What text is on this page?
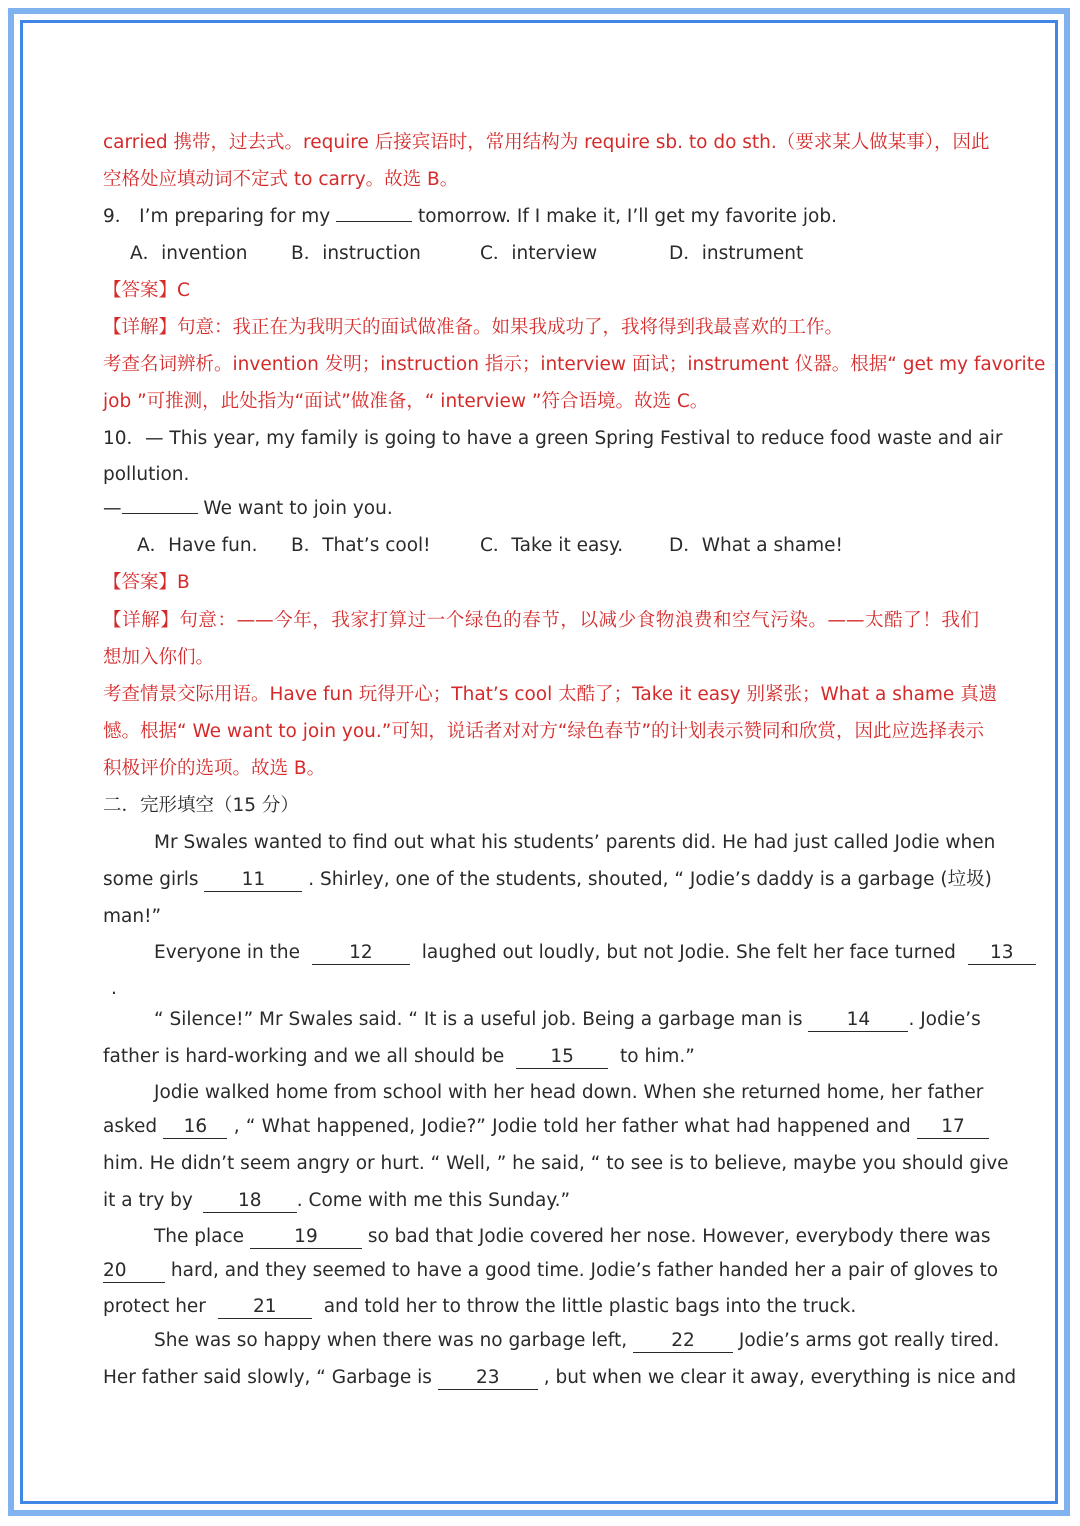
carried 携带，过去式。require 后接宾语时，常用结构为 require sb. to do sth.（要求某人做某事），因此
空格处应填动词不定式 to carry。故选 B。
9． I’m preparing for my	tomorrow. If I make it, I’ll get my favorite job.
A．invention B．instruction	C．interview	D．instrument
【答案】C
【详解】句意：我正在为我明天的面试做准备。如果我成功了，我将得到我最喜欢的工作。
考查名词辨析。invention 发明；instruction 指示；interview 面试；instrument 仪器。根据“ get my favorite
job ”可推测，此处指为“面试”做准备，“ interview ”符合语境。故选 C。
10．— This year, my family is going to have a green Spring Festival to reduce food waste and air
pollution.
—	We want to join you.
A．Have fun. B．That’s cool!	C．Take it easy. D．What a shame!
【答案】B
【详解】句意：——今年，我家打算过一个绿色的春节，以减少食物浪费和空气污染。——太酷了！我们
想加入你们。
考查情景交际用语。Have fun 玩得开心；That’s cool 太酷了；Take it easy 别紧张；What a shame 真遗
憾。根据“ We want to join you.”可知，说话者对对方“绿色春节”的计划表示赞同和欣赏，因此应选择表示
积极评价的选项。故选 B。
二．完形填空（15 分）
Mr Swales wanted to find out what his students’ parents did. He had just called Jodie when
some girls 11 . Shirley, one of the students, shouted, “ Jodie’s daddy is a garbage (垃圾)
man!”
Everyone in the	12	laughed out loudly, but not Jodie. She felt her face turned 13
.
“ Silence!” Mr Swales said. “ It is a useful job. Being a garbage man is 14 . Jodie’s
father is hard-working and we all should be 15 to him.”
Jodie walked home from school with her head down. When she returned home, her father
asked 16 , “ What happened, Jodie?” Jodie told her father what had happened and 17
him. He didn’t seem angry or hurt. “ Well, ” he said, “ to see is to believe, maybe you should give
it a try by 18 . Come with me this Sunday.”
The place	19	so bad that Jodie covered her nose. However, everybody there was
20 hard, and they seemed to have a good time. Jodie’s father handed her a pair of gloves to
protect her	21	and told her to throw the little plastic bags into the truck.
She was so happy when there was no garbage left, 22 Jodie’s arms got really tired.
Her father said slowly, “ Garbage is 23 , but when we clear it away, everything is nice and
